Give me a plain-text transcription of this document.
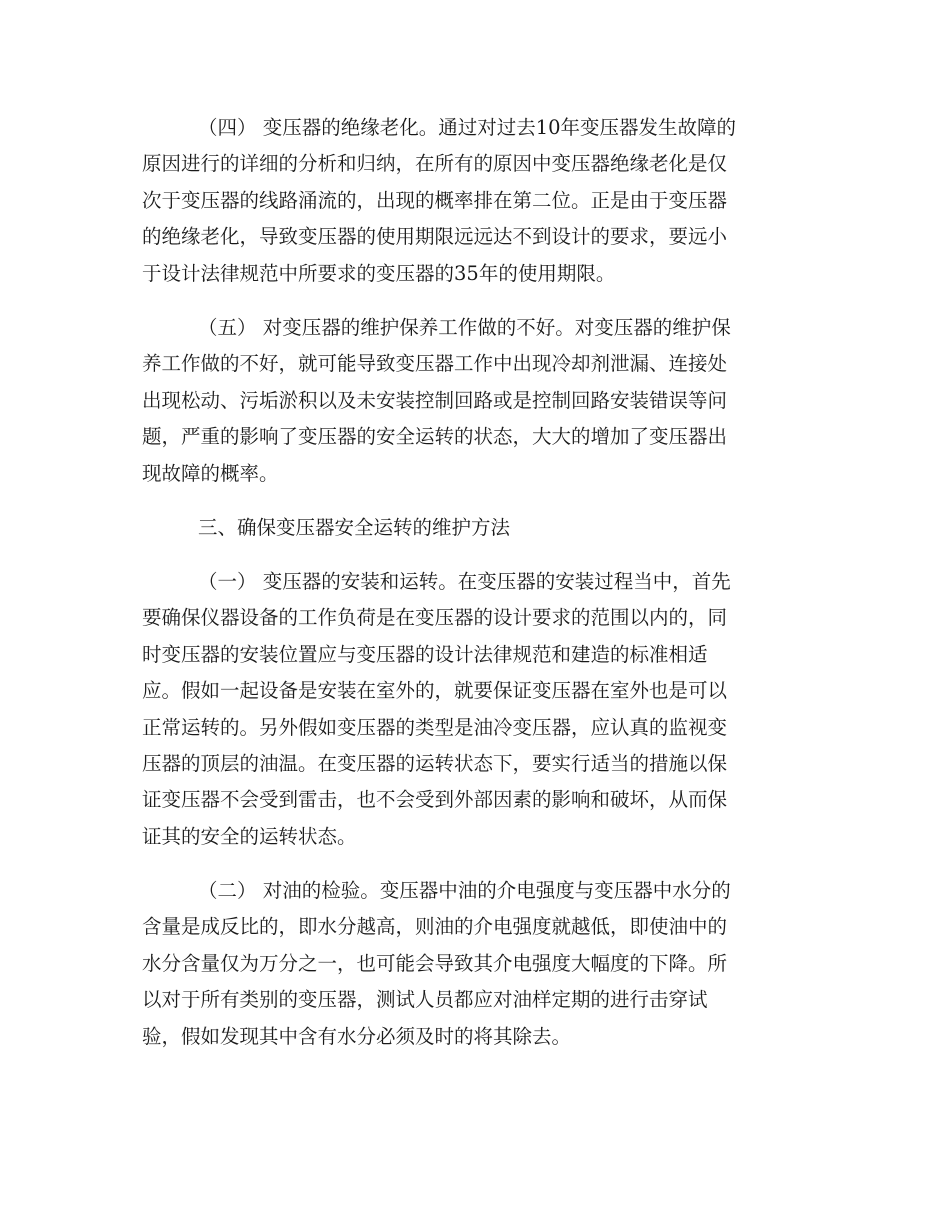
（四） 变压器的绝缘老化。通过对过去10年变压器发生故障的
原因进行的详细的分析和归纳，在所有的原因中变压器绝缘老化是仅
次于变压器的线路涌流的，出现的概率排在第二位。正是由于变压器
的绝缘老化，导致变压器的使用期限远远达不到设计的要求，要远小
于设计法律规范中所要求的变压器的35年的使用期限。
（五） 对变压器的维护保养工作做的不好。对变压器的维护保
养工作做的不好，就可能导致变压器工作中出现冷却剂泄漏、连接处
出现松动、污垢淤积以及未安装控制回路或是控制回路安装错误等问
题，严重的影响了变压器的安全运转的状态，大大的增加了变压器出
现故障的概率。
三、确保变压器安全运转的维护方法
（一） 变压器的安装和运转。在变压器的安装过程当中，首先
要确保仪器设备的工作负荷是在变压器的设计要求的范围以内的，同
时变压器的安装位置应与变压器的设计法律规范和建造的标准相适
应。假如一起设备是安装在室外的，就要保证变压器在室外也是可以
正常运转的。另外假如变压器的类型是油冷变压器，应认真的监视变
压器的顶层的油温。在变压器的运转状态下，要实行适当的措施以保
证变压器不会受到雷击，也不会受到外部因素的影响和破坏，从而保
证其的安全的运转状态。
（二） 对油的检验。变压器中油的介电强度与变压器中水分的
含量是成反比的，即水分越高，则油的介电强度就越低，即使油中的
水分含量仅为万分之一，也可能会导致其介电强度大幅度的下降。所
以对于所有类别的变压器，测试人员都应对油样定期的进行击穿试
验，假如发现其中含有水分必须及时的将其除去。
